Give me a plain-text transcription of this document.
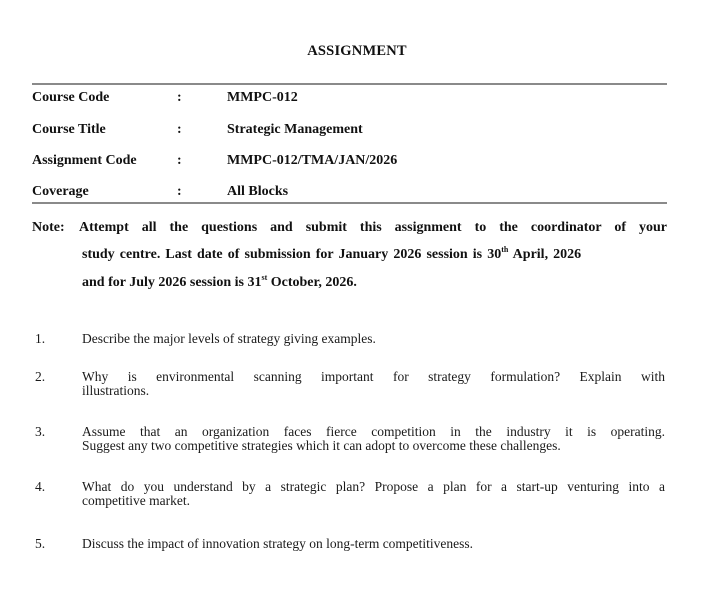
ASSIGNMENT
Course Code	:	MMPC-012
Course Title	:	Strategic Management
Assignment Code	:	MMPC-012/TMA/JAN/2026
Coverage	:	All Blocks
Note: Attempt all the questions and submit this assignment to the coordinator of your
study centre. Last date of submission for January 2026 session is 30th April, 2026
and for July 2026 session is 31st October, 2026.
1.	Describe the major levels of strategy giving examples.
2.	Why is environmental scanning important for strategy formulation? Explain with
illustrations.
3.	Assume that an organization faces fierce competition in the industry it is operating.
Suggest any two competitive strategies which it can adopt to overcome these challenges.
4.	What do you understand by a strategic plan? Propose a plan for a start-up venturing into a
competitive market.
5.	Discuss the impact of innovation strategy on long-term competitiveness.
